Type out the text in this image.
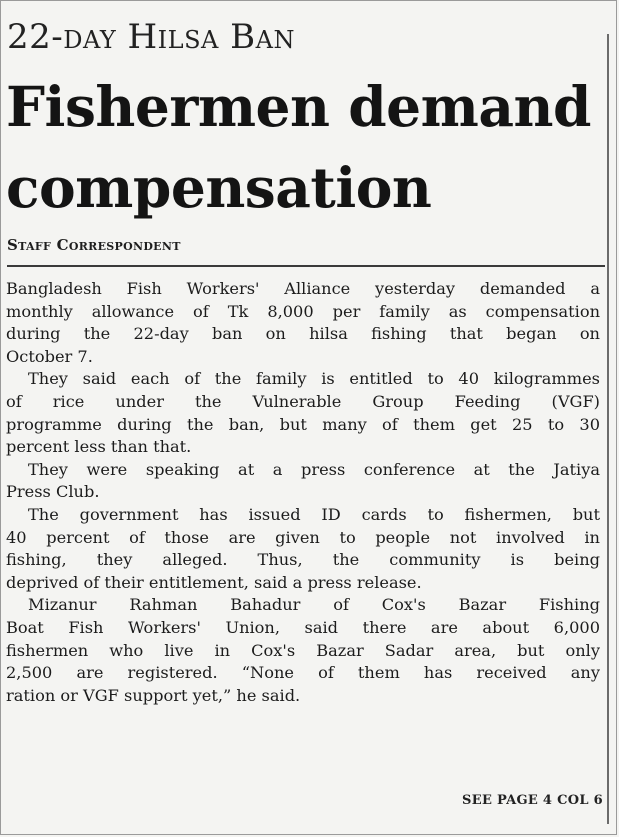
22-day Hilsa Ban
Fishermen demand
compensation
Staff Correspondent
Bangladesh Fish Workers' Alliance yesterday demanded a
monthly allowance of Tk 8,000 per family as compensation
during the 22-day ban on hilsa fishing that began on
October 7.
They said each of the family is entitled to 40 kilogrammes
of rice under the Vulnerable Group Feeding (VGF)
programme during the ban, but many of them get 25 to 30
percent less than that.
They were speaking at a press conference at the Jatiya
Press Club.
The government has issued ID cards to fishermen, but
40 percent of those are given to people not involved in
fishing, they alleged. Thus, the community is being
deprived of their entitlement, said a press release.
Mizanur Rahman Bahadur of Cox's Bazar Fishing
Boat Fish Workers' Union, said there are about 6,000
fishermen who live in Cox's Bazar Sadar area, but only
2,500 are registered. “None of them has received any
ration or VGF support yet,” he said.
SEE PAGE 4 COL 6
